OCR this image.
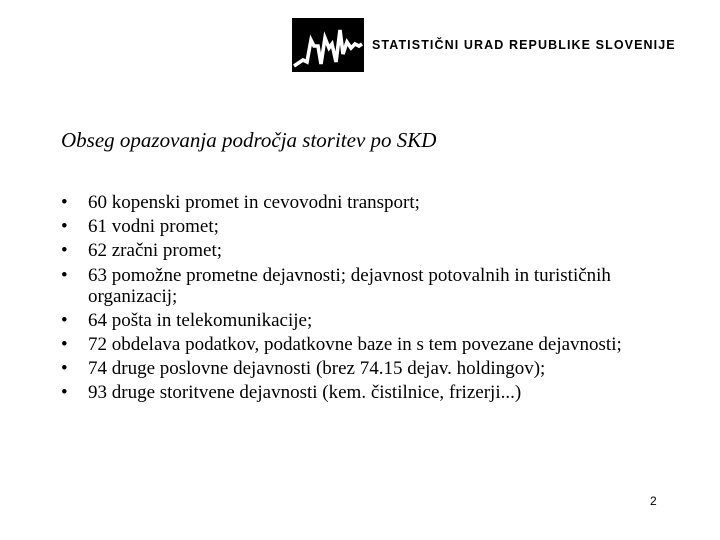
STATISTIČNI URAD REPUBLIKE SLOVENIJE
Obseg opazovanja področja storitev po SKD
• 60 kopenski promet in cevovodni transport;
• 61 vodni promet;
• 62 zračni promet;
• 63 pomožne prometne dejavnosti; dejavnost potovalnih in turističnih organizacij;
• 64 pošta in telekomunikacije;
• 72 obdelava podatkov, podatkovne baze in s tem povezane dejavnosti;
• 74 druge poslovne dejavnosti (brez 74.15 dejav. holdingov);
• 93 druge storitvene dejavnosti (kem. čistilnice, frizerji...)
2
